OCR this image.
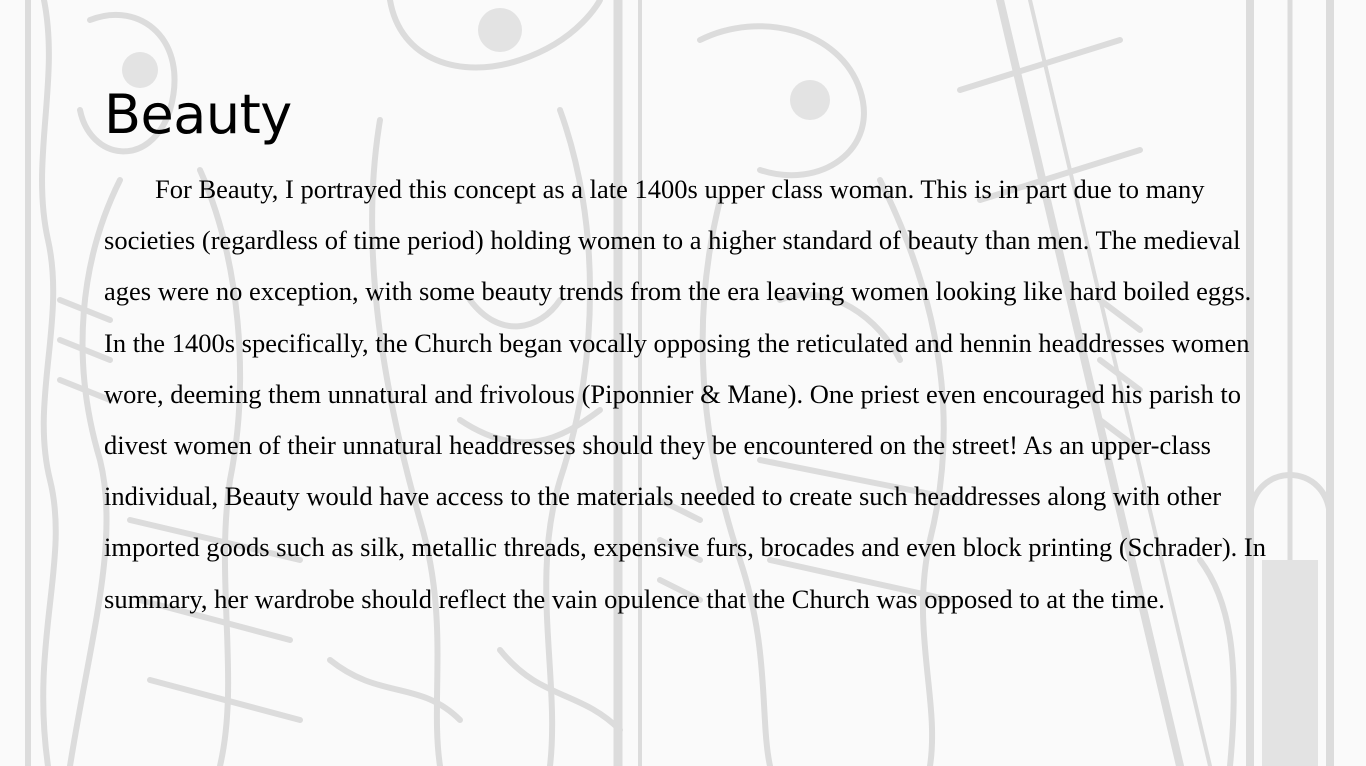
Beauty

For Beauty, I portrayed this concept as a late 1400s upper class woman. This is in part due to many societies (regardless of time period) holding women to a higher standard of beauty than men. The medieval ages were no exception, with some beauty trends from the era leaving women looking like hard boiled eggs. In the 1400s specifically, the Church began vocally opposing the reticulated and hennin headdresses women wore, deeming them unnatural and frivolous (Piponnier & Mane). One priest even encouraged his parish to divest women of their unnatural headdresses should they be encountered on the street! As an upper-class individual, Beauty would have access to the materials needed to create such headdresses along with other imported goods such as silk, metallic threads, expensive furs, brocades and even block printing (Schrader). In summary, her wardrobe should reflect the vain opulence that the Church was opposed to at the time.
